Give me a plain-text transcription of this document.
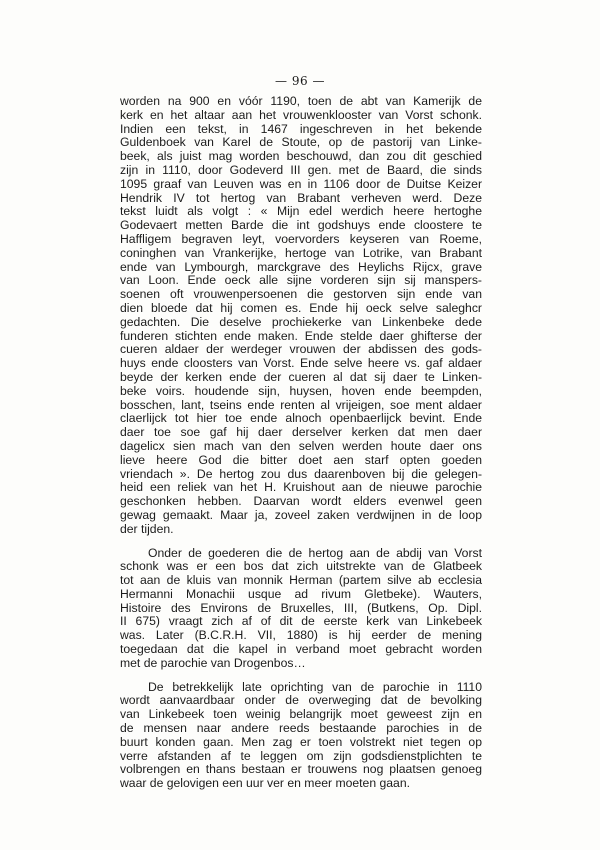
— 96 —

worden na 900 en vóór 1190, toen de abt van Kamerijk de
kerk en het altaar aan het vrouwenklooster van Vorst schonk.
Indien een tekst, in 1467 ingeschreven in het bekende
Guldenboek van Karel de Stoute, op de pastorij van Linke-
beek, als juist mag worden beschouwd, dan zou dit geschied
zijn in 1110, door Godeverd III gen. met de Baard, die sinds
1095 graaf van Leuven was en in 1106 door de Duitse Keizer
Hendrik IV tot hertog van Brabant verheven werd. Deze
tekst luidt als volgt : « Mijn edel werdich heere hertoghe
Godevaert metten Barde die int godshuys ende cloostere te
Haffligem begraven leyt, voervorders keyseren van Roeme,
coninghen van Vrankerijke, hertoge van Lotrike, van Brabant
ende van Lymbourgh, marckgrave des Heylichs Rijcx, grave
van Loon. Ende oeck alle sijne vorderen sijn sij manspers-
soenen oft vrouwenpersoenen die gestorven sijn ende van
dien bloede dat hij comen es. Ende hij oeck selve saleghcr
gedachten. Die deselve prochiekerke van Linkenbeke dede
funderen stichten ende maken. Ende stelde daer ghifterse der
cueren aldaer der werdeger vrouwen der abdissen des gods-
huys ende cloosters van Vorst. Ende selve heere vs. gaf aldaer
beyde der kerken ende der cueren al dat sij daer te Linken-
beke voirs. houdende sijn, huysen, hoven ende beempden,
bosschen, lant, tseins ende renten al vrijeigen, soe ment aldaer
claerlijck tot hier toe ende alnoch openbaerlijck bevint. Ende
daer toe soe gaf hij daer derselver kerken dat men daer
dagelicx sien mach van den selven werden houte daer ons
lieve heere God die bitter doet aen starf opten goeden
vriendach ». De hertog zou dus daarenboven bij die gelegen-
heid een reliek van het H. Kruishout aan de nieuwe parochie
geschonken hebben. Daarvan wordt elders evenwel geen
gewag gemaakt. Maar ja, zoveel zaken verdwijnen in de loop
der tijden.

Onder de goederen die de hertog aan de abdij van Vorst
schonk was er een bos dat zich uitstrekte van de Glatbeek
tot aan de kluis van monnik Herman (partem silve ab ecclesia
Hermanni Monachii usque ad rivum Gletbeke). Wauters,
Histoire des Environs de Bruxelles, III, (Butkens, Op. Dipl.
II 675) vraagt zich af of dit de eerste kerk van Linkebeek
was. Later (B.C.R.H. VII, 1880) is hij eerder de mening
toegedaan dat die kapel in verband moet gebracht worden
met de parochie van Drogenbos…

De betrekkelijk late oprichting van de parochie in 1110
wordt aanvaardbaar onder de overweging dat de bevolking
van Linkebeek toen weinig belangrijk moet geweest zijn en
de mensen naar andere reeds bestaande parochies in de
buurt konden gaan. Men zag er toen volstrekt niet tegen op
verre afstanden af te leggen om zijn godsdienstplichten te
volbrengen en thans bestaan er trouwens nog plaatsen genoeg
waar de gelovigen een uur ver en meer moeten gaan.
